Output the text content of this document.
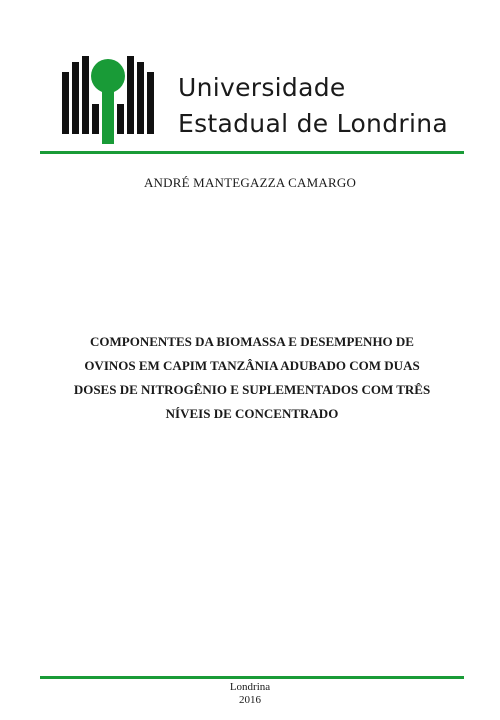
Universidade
Estadual de Londrina
ANDRÉ MANTEGAZZA CAMARGO
COMPONENTES DA BIOMASSA E DESEMPENHO DE
OVINOS EM CAPIM TANZÂNIA ADUBADO COM DUAS
DOSES DE NITROGÊNIO E SUPLEMENTADOS COM TRÊS
NÍVEIS DE CONCENTRADO
Londrina
2016
